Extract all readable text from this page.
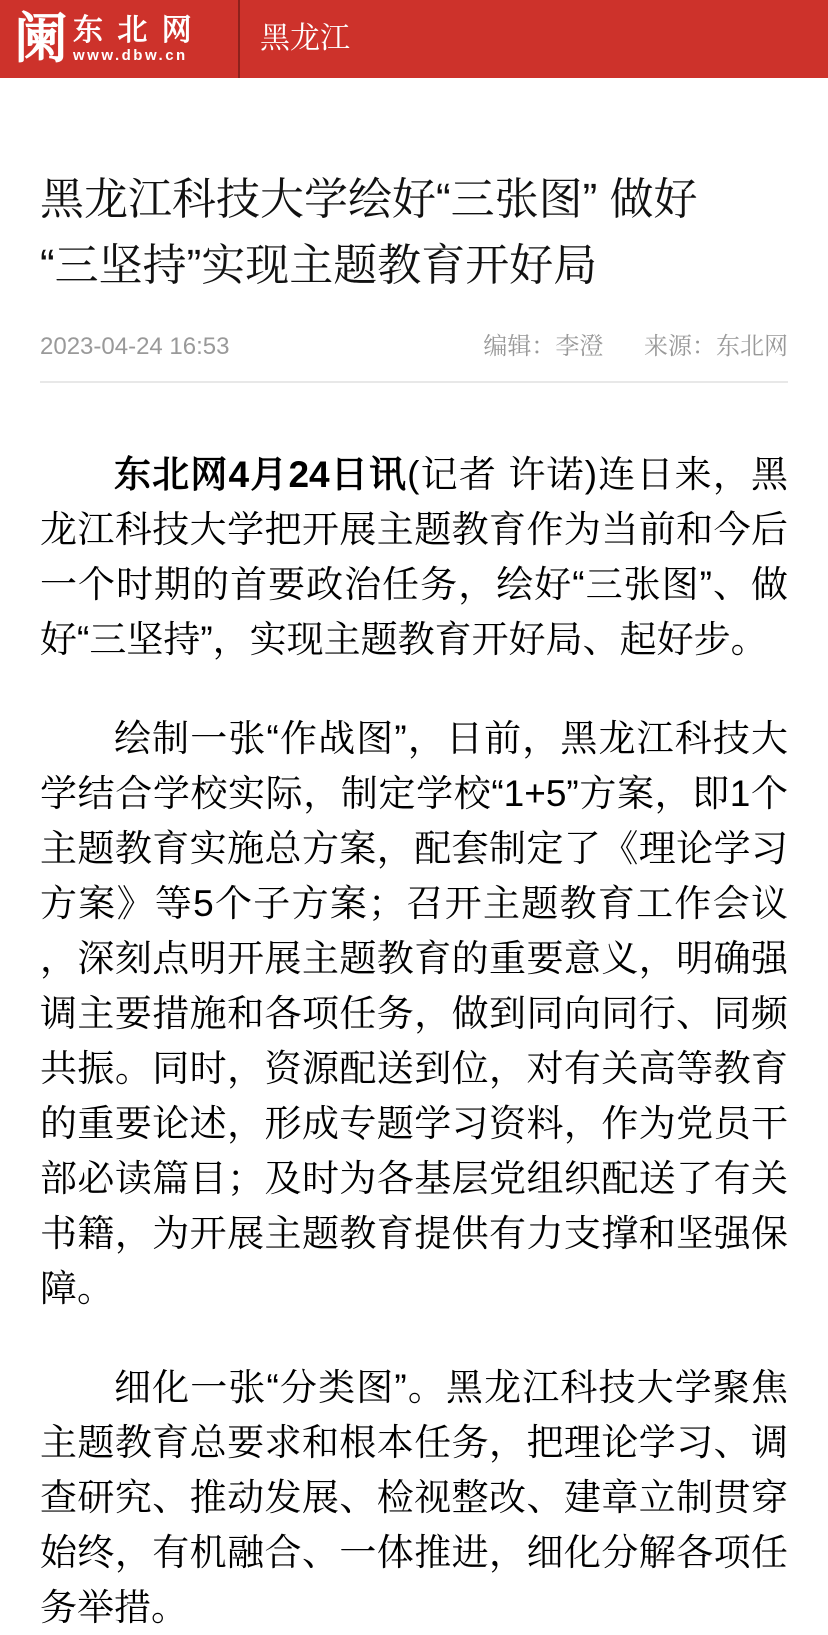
阑 东 北 网
www.dbw.cn	黑龙江
黑龙江科技大学绘好“三张图” 做好
“三坚持”实现主题教育开好局
2023-04-24 16:53	编辑：李澄 来源：东北网

东北网4月24日讯(记者 许诺)连日来，黑龙江科技大学把开展主题教育作为当前和今后一个时期的首要政治任务，绘好“三张图”、做好“三坚持”，实现主题教育开好局、起好步。

绘制一张“作战图”，日前，黑龙江科技大学结合学校实际，制定学校“1+5”方案，即1个主题教育实施总方案，配套制定了《理论学习方案》等5个子方案；召开主题教育工作会议，深刻点明开展主题教育的重要意义，明确强调主要措施和各项任务，做到同向同行、同频共振。同时，资源配送到位，对有关高等教育的重要论述，形成专题学习资料，作为党员干部必读篇目；及时为各基层党组织配送了有关书籍，为开展主题教育提供有力支撑和坚强保障。

细化一张“分类图”。黑龙江科技大学聚焦主题教育总要求和根本任务，把理论学习、调查研究、推动发展、检视整改、建章立制贯穿始终，有机融合、一体推进，细化分解各项任务举措。
